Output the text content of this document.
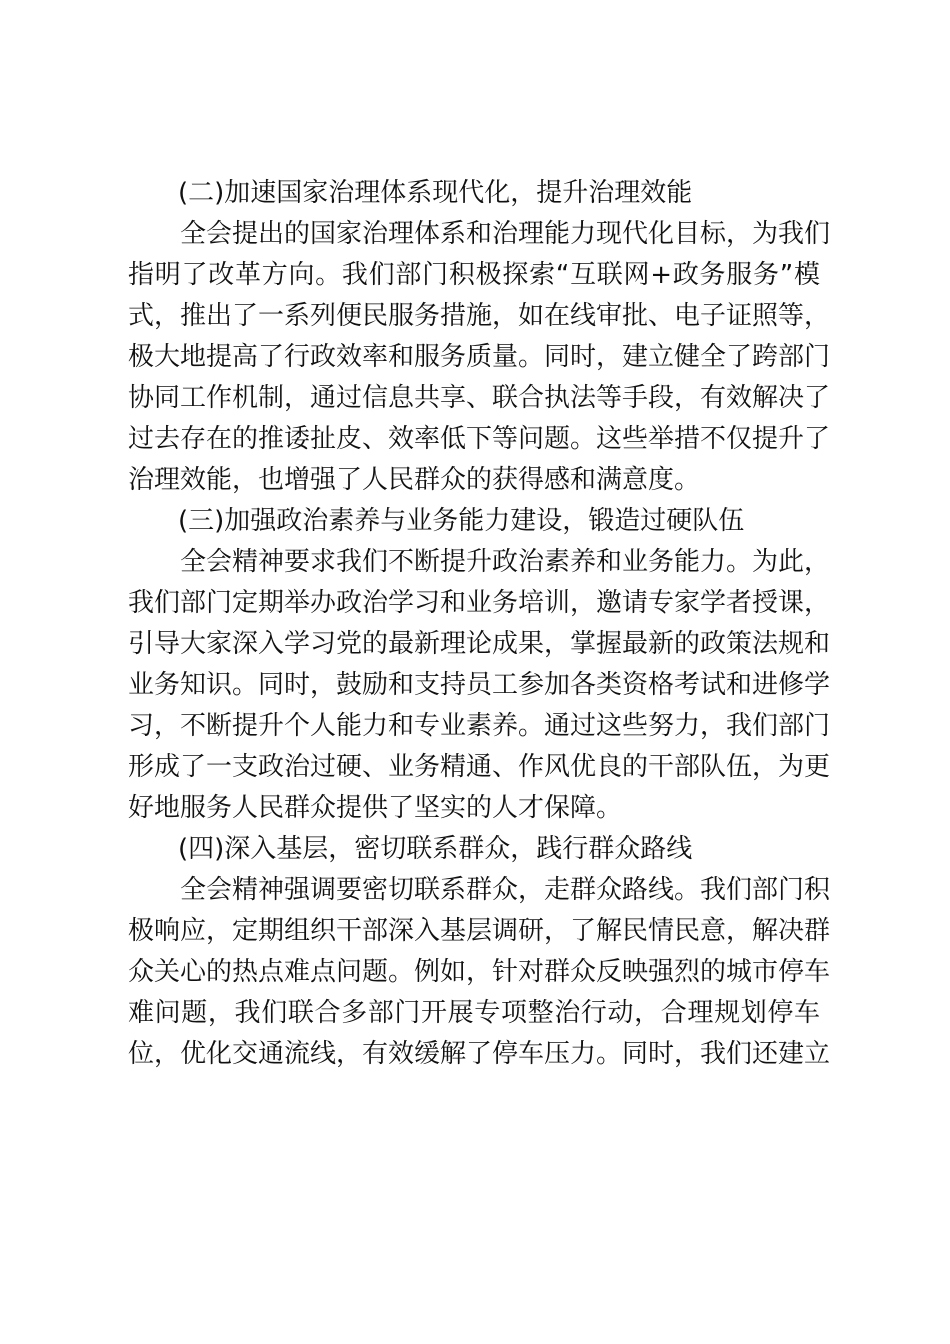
(二)加速国家治理体系现代化，提升治理效能
全会提出的国家治理体系和治理能力现代化目标，为我们
指明了改革方向。我们部门积极探索“互联网+政务服务”模
式，推出了一系列便民服务措施，如在线审批、电子证照等，
极大地提高了行政效率和服务质量。同时，建立健全了跨部门
协同工作机制，通过信息共享、联合执法等手段，有效解决了
过去存在的推诿扯皮、效率低下等问题。这些举措不仅提升了
治理效能，也增强了人民群众的获得感和满意度。
(三)加强政治素养与业务能力建设，锻造过硬队伍
全会精神要求我们不断提升政治素养和业务能力。为此，
我们部门定期举办政治学习和业务培训，邀请专家学者授课，
引导大家深入学习党的最新理论成果，掌握最新的政策法规和
业务知识。同时，鼓励和支持员工参加各类资格考试和进修学
习，不断提升个人能力和专业素养。通过这些努力，我们部门
形成了一支政治过硬、业务精通、作风优良的干部队伍，为更
好地服务人民群众提供了坚实的人才保障。
(四)深入基层，密切联系群众，践行群众路线
全会精神强调要密切联系群众，走群众路线。我们部门积
极响应，定期组织干部深入基层调研，了解民情民意，解决群
众关心的热点难点问题。例如，针对群众反映强烈的城市停车
难问题，我们联合多部门开展专项整治行动，合理规划停车
位，优化交通流线，有效缓解了停车压力。同时，我们还建立
